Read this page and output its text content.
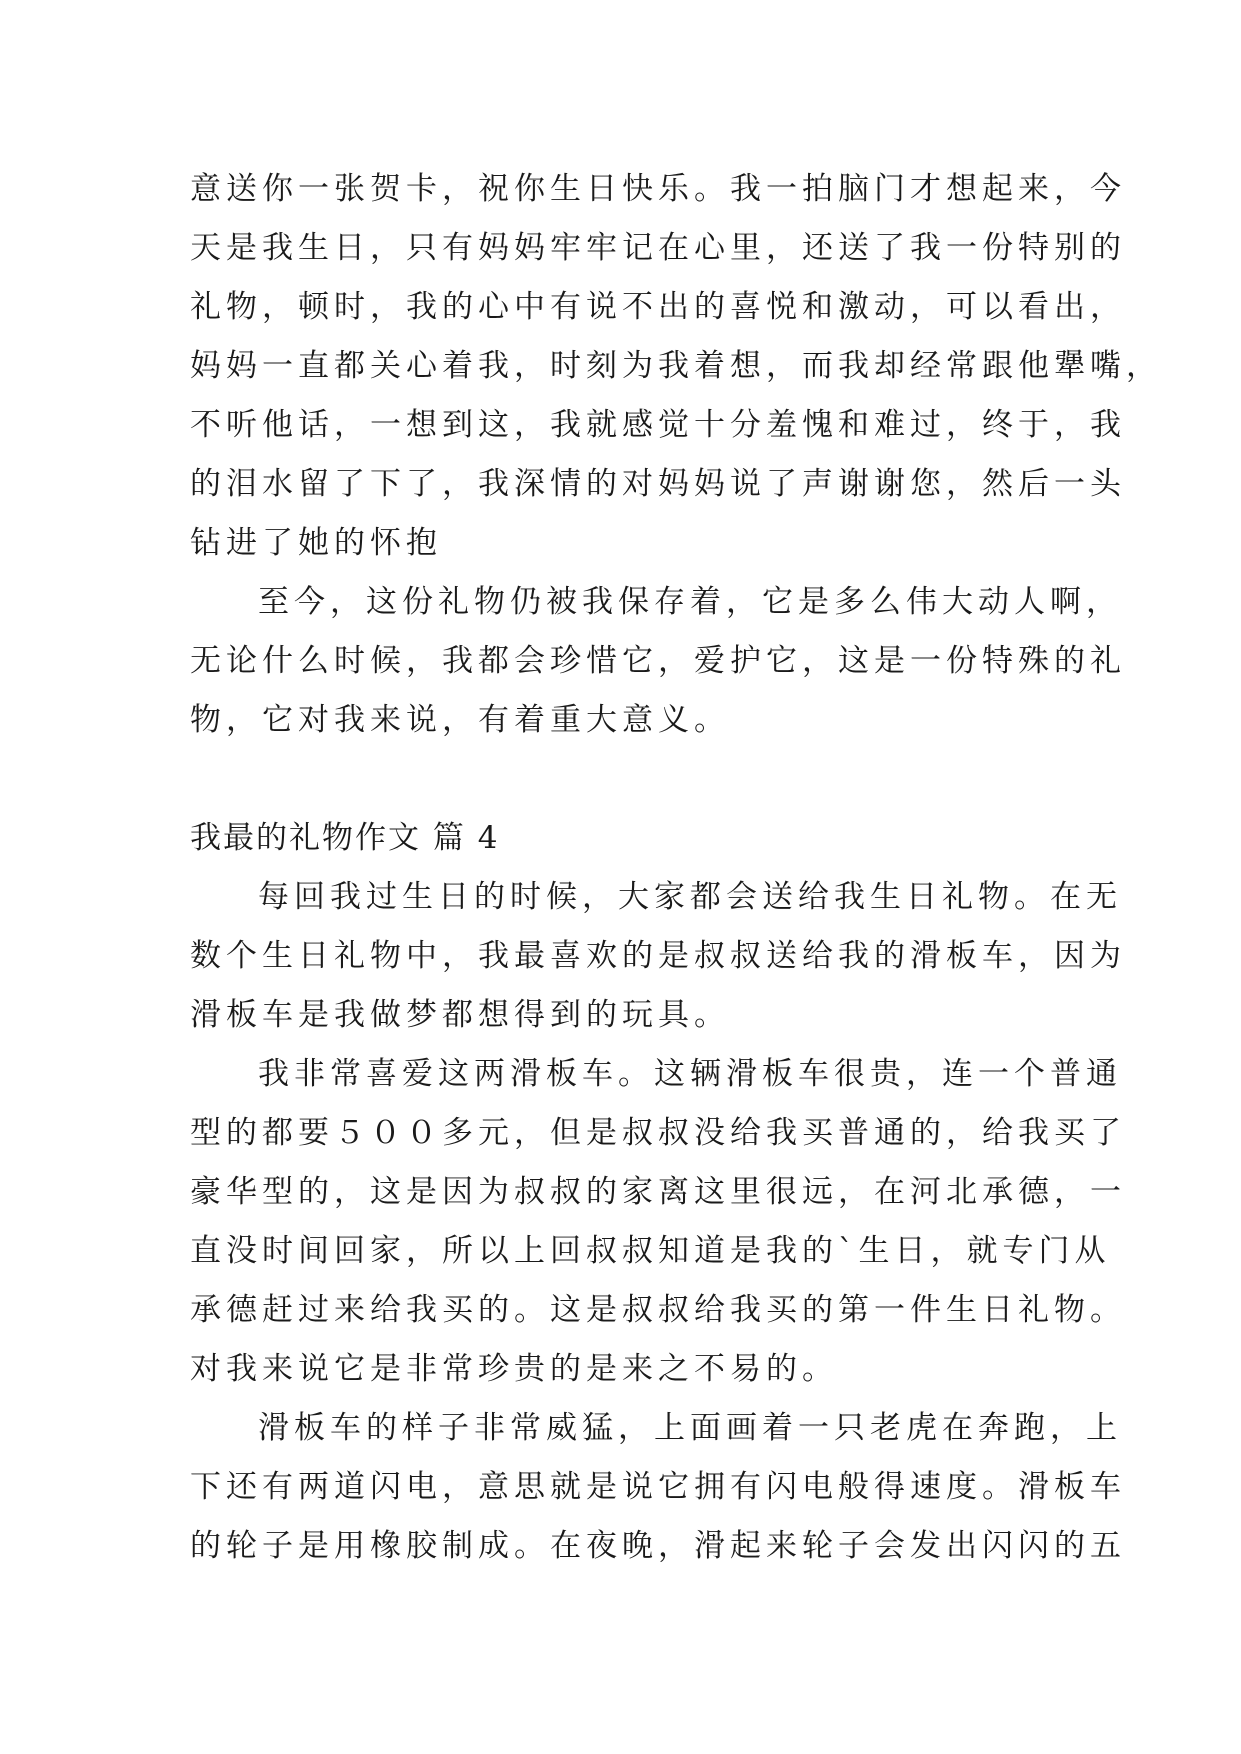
意送你一张贺卡，祝你生日快乐。我一拍脑门才想起来，今
天是我生日，只有妈妈牢牢记在心里，还送了我一份特别的
礼物，顿时，我的心中有说不出的喜悦和激动，可以看出，
妈妈一直都关心着我，时刻为我着想，而我却经常跟他犟嘴，
不听他话，一想到这，我就感觉十分羞愧和难过，终于，我
的泪水留了下了，我深情的对妈妈说了声谢谢您，然后一头
钻进了她的怀抱
至今，这份礼物仍被我保存着，它是多么伟大动人啊，
无论什么时候，我都会珍惜它，爱护它，这是一份特殊的礼
物，它对我来说，有着重大意义。
我最的礼物作文 篇 4
每回我过生日的时候，大家都会送给我生日礼物。在无
数个生日礼物中，我最喜欢的是叔叔送给我的滑板车，因为
滑板车是我做梦都想得到的玩具。
我非常喜爱这两滑板车。这辆滑板车很贵，连一个普通
型的都要５００多元，但是叔叔没给我买普通的，给我买了
豪华型的，这是因为叔叔的家离这里很远，在河北承德，一
直没时间回家，所以上回叔叔知道是我的`生日，就专门从
承德赶过来给我买的。这是叔叔给我买的第一件生日礼物。
对我来说它是非常珍贵的是来之不易的。
滑板车的样子非常威猛，上面画着一只老虎在奔跑，上
下还有两道闪电，意思就是说它拥有闪电般得速度。滑板车
的轮子是用橡胶制成。在夜晚，滑起来轮子会发出闪闪的五
